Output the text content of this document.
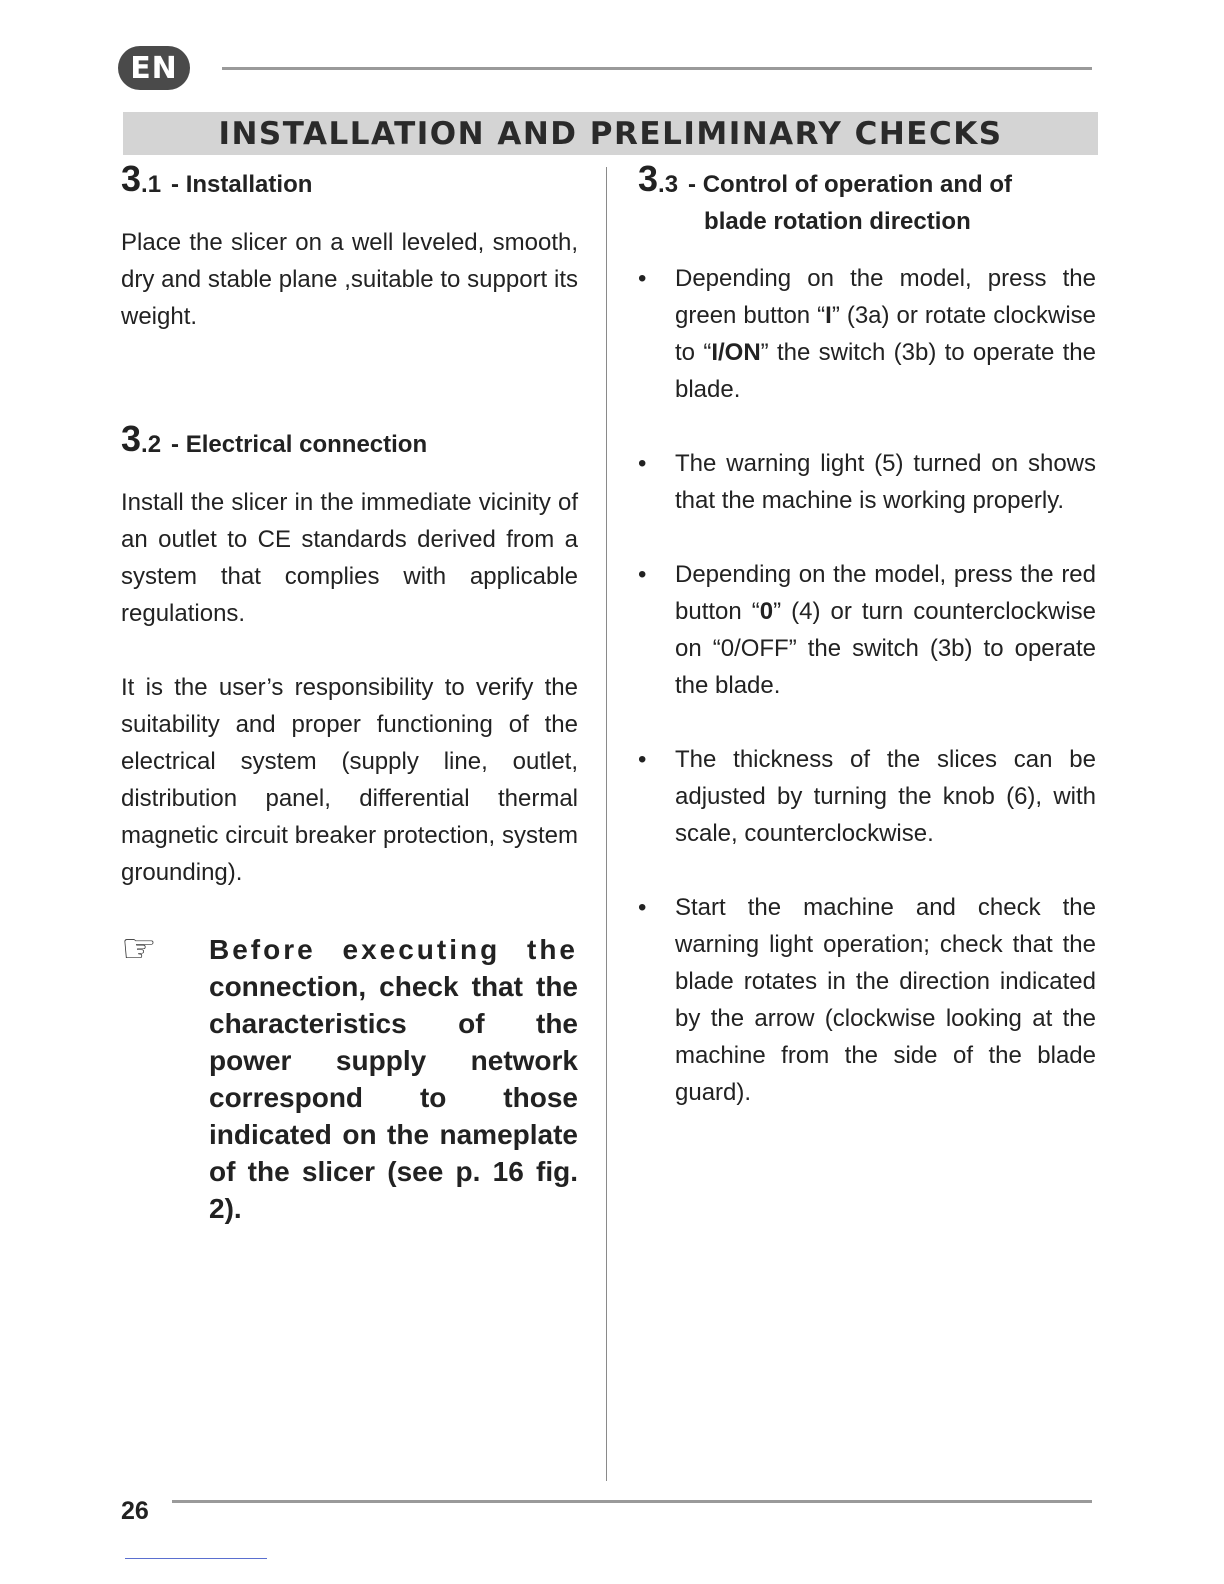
EN
INSTALLATION AND PRELIMINARY CHECKS
3 .1 - Installation

Place the slicer on a well leveled, smooth, dry and stable plane ,suitable to support its weight.

3 .2 - Electrical connection

Install the slicer in the immediate vicinity of an outlet to CE standards derived from a system that complies with applicable regulations.

It is the user’s responsibility to verify the suitability and proper functioning of the electrical system (supply line, outlet, distribution panel, differential thermal magnetic circuit breaker protection, system grounding).

☞	Before executing the connection, check that the characteristics of the power supply network correspond to those indicated on the nameplate of the slicer (see p. 16 fig. 2).
3 .3 - Control of operation and of
blade rotation direction
•	Depending on the model, press the green button “I” (3a) or rotate clockwise to “I/ON” the switch (3b) to operate the blade.
•	The warning light (5) turned on shows that the machine is working properly.
•	Depending on the model, press the red button “0” (4) or turn counterclockwise on “0/OFF” the switch (3b) to operate the blade.
•	The thickness of the slices can be adjusted by turning the knob (6), with scale, counterclockwise.
•	Start the machine and check the warning light operation; check that the blade rotates in the direction indicated by the arrow (clockwise looking at the machine from the side of the blade guard).
26
